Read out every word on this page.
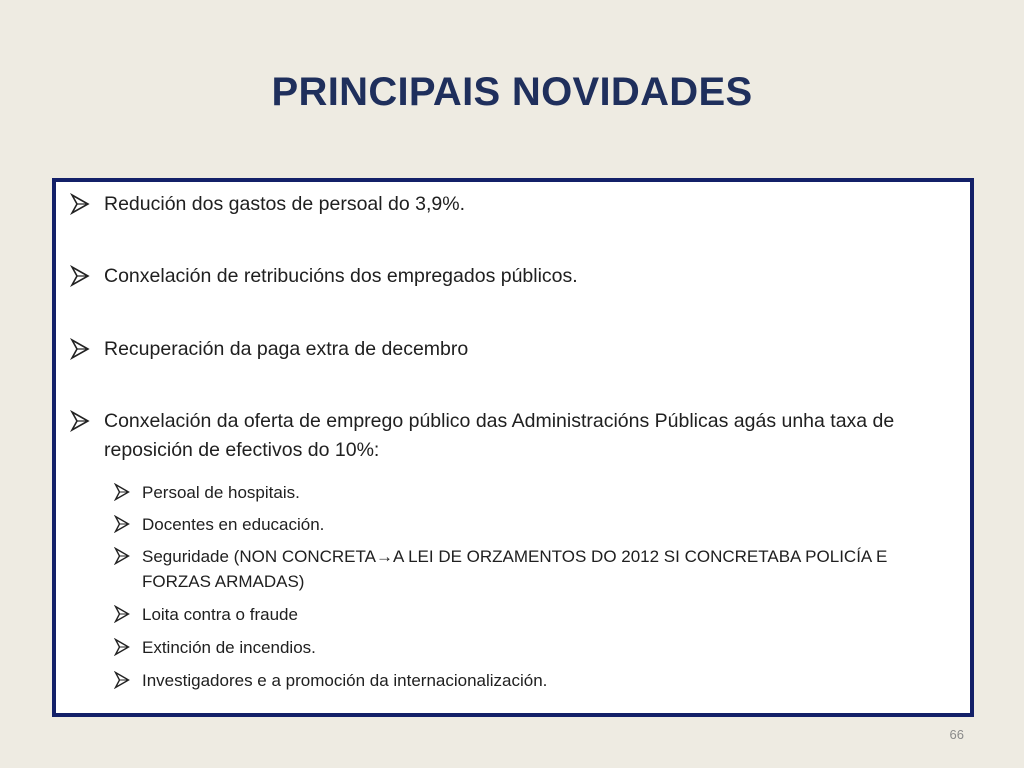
PRINCIPAIS NOVIDADES
Redución dos gastos de persoal do 3,9%.
Conxelación de retribucións dos empregados públicos.
Recuperación da paga extra de decembro
Conxelación da oferta de emprego público das Administracións Públicas agás unha taxa de reposición de efectivos do 10%:
Persoal de hospitais.
Docentes en educación.
Seguridade (NON CONCRETA→A LEI DE ORZAMENTOS DO 2012 SI CONCRETABA POLICÍA E FORZAS ARMADAS)
Loita contra o fraude
Extinción de incendios.
Investigadores e a promoción da internacionalización.
66
